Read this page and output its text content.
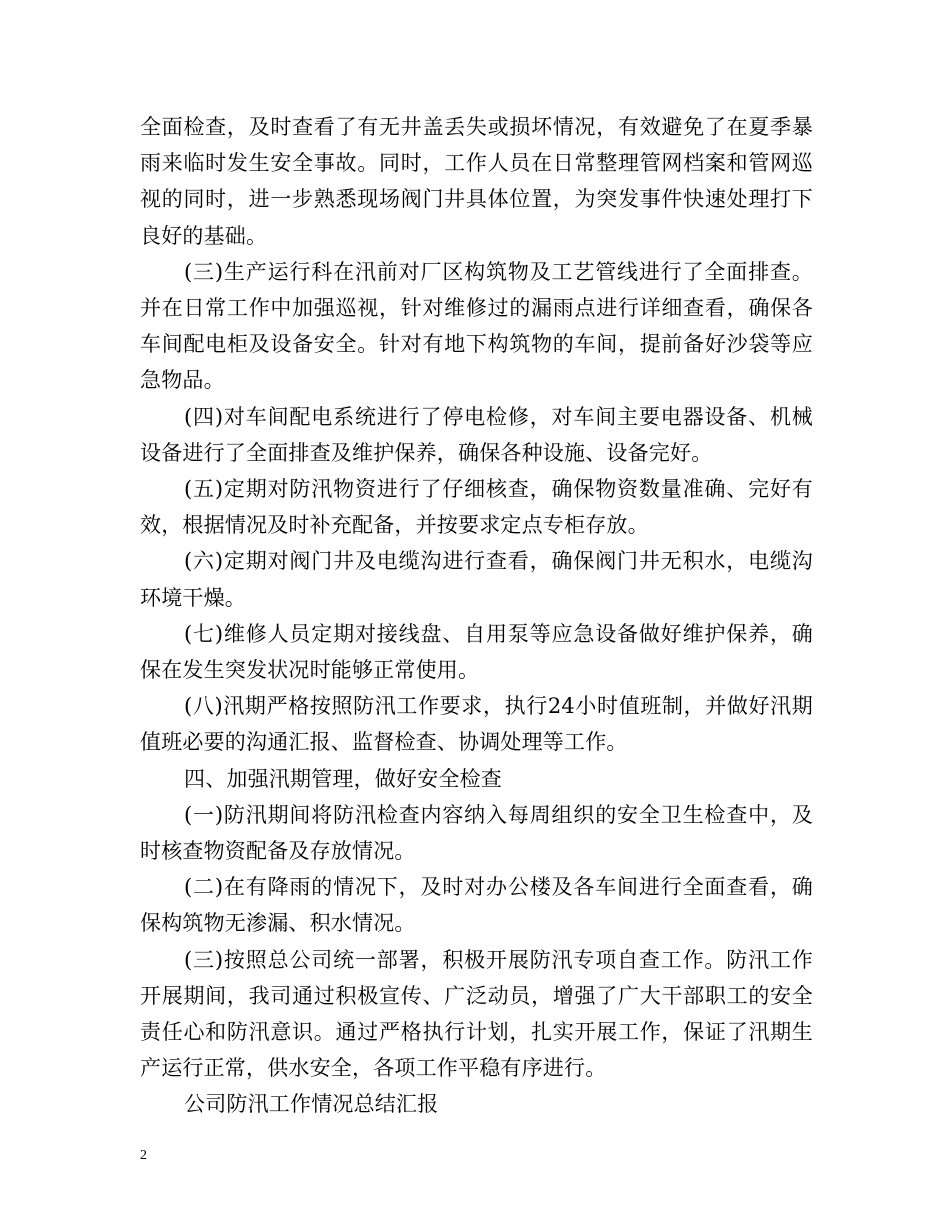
全面检查，及时查看了有无井盖丢失或损坏情况，有效避免了在夏季暴雨来临时发生安全事故。同时，工作人员在日常整理管网档案和管网巡视的同时，进一步熟悉现场阀门井具体位置，为突发事件快速处理打下良好的基础。

(三)生产运行科在汛前对厂区构筑物及工艺管线进行了全面排查。并在日常工作中加强巡视，针对维修过的漏雨点进行详细查看，确保各车间配电柜及设备安全。针对有地下构筑物的车间，提前备好沙袋等应急物品。

(四)对车间配电系统进行了停电检修，对车间主要电器设备、机械设备进行了全面排查及维护保养，确保各种设施、设备完好。

(五)定期对防汛物资进行了仔细核查，确保物资数量准确、完好有效，根据情况及时补充配备，并按要求定点专柜存放。

(六)定期对阀门井及电缆沟进行查看，确保阀门井无积水，电缆沟环境干燥。

(七)维修人员定期对接线盘、自用泵等应急设备做好维护保养，确保在发生突发状况时能够正常使用。

(八)汛期严格按照防汛工作要求，执行24小时值班制，并做好汛期值班必要的沟通汇报、监督检查、协调处理等工作。

四、加强汛期管理，做好安全检查

(一)防汛期间将防汛检查内容纳入每周组织的安全卫生检查中，及时核查物资配备及存放情况。

(二)在有降雨的情况下，及时对办公楼及各车间进行全面查看，确保构筑物无渗漏、积水情况。

(三)按照总公司统一部署，积极开展防汛专项自查工作。防汛工作开展期间，我司通过积极宣传、广泛动员，增强了广大干部职工的安全责任心和防汛意识。通过严格执行计划，扎实开展工作，保证了汛期生产运行正常，供水安全，各项工作平稳有序进行。

公司防汛工作情况总结汇报

2
